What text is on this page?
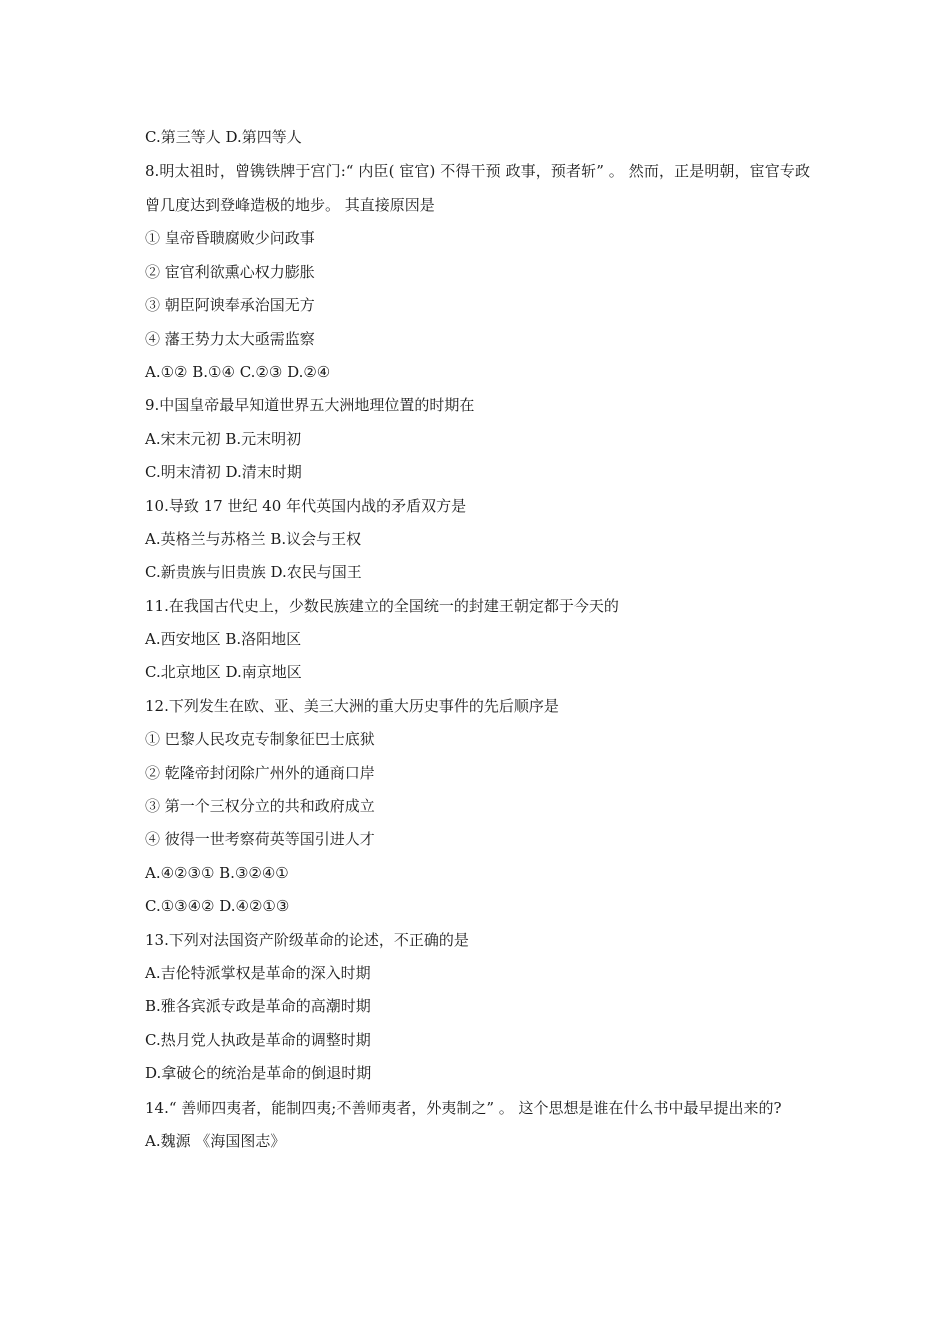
C.第三等人 D.第四等人
8.明太祖时，曾镌铁牌于宫门:“ 内臣( 宦官) 不得干预 政事，预者斩” 。 然而，正是明朝，宦官专政曾几度达到登峰造极的地步。 其直接原因是
① 皇帝昏聩腐败少问政事
② 宦官利欲熏心权力膨胀
③ 朝臣阿谀奉承治国无方
④ 藩王势力太大亟需监察
A.①② B.①④ C.②③ D.②④
9.中国皇帝最早知道世界五大洲地理位置的时期在
A.宋末元初 B.元末明初
C.明末清初 D.清末时期
10.导致 17 世纪 40 年代英国内战的矛盾双方是
A.英格兰与苏格兰 B.议会与王权
C.新贵族与旧贵族 D.农民与国王
11.在我国古代史上，少数民族建立的全国统一的封建王朝定都于今天的
A.西安地区 B.洛阳地区
C.北京地区 D.南京地区
12.下列发生在欧、亚、美三大洲的重大历史事件的先后顺序是
① 巴黎人民攻克专制象征巴士底狱
② 乾隆帝封闭除广州外的通商口岸
③ 第一个三权分立的共和政府成立
④ 彼得一世考察荷英等国引进人才
A.④②③① B.③②④①
C.①③④② D.④②①③
13.下列对法国资产阶级革命的论述，不正确的是
A.吉伦特派掌权是革命的深入时期
B.雅各宾派专政是革命的高潮时期
C.热月党人执政是革命的调整时期
D.拿破仑的统治是革命的倒退时期
14.“ 善师四夷者，能制四夷;不善师夷者，外夷制之” 。 这个思想是谁在什么书中最早提出来的?
A.魏源 《海国图志》
